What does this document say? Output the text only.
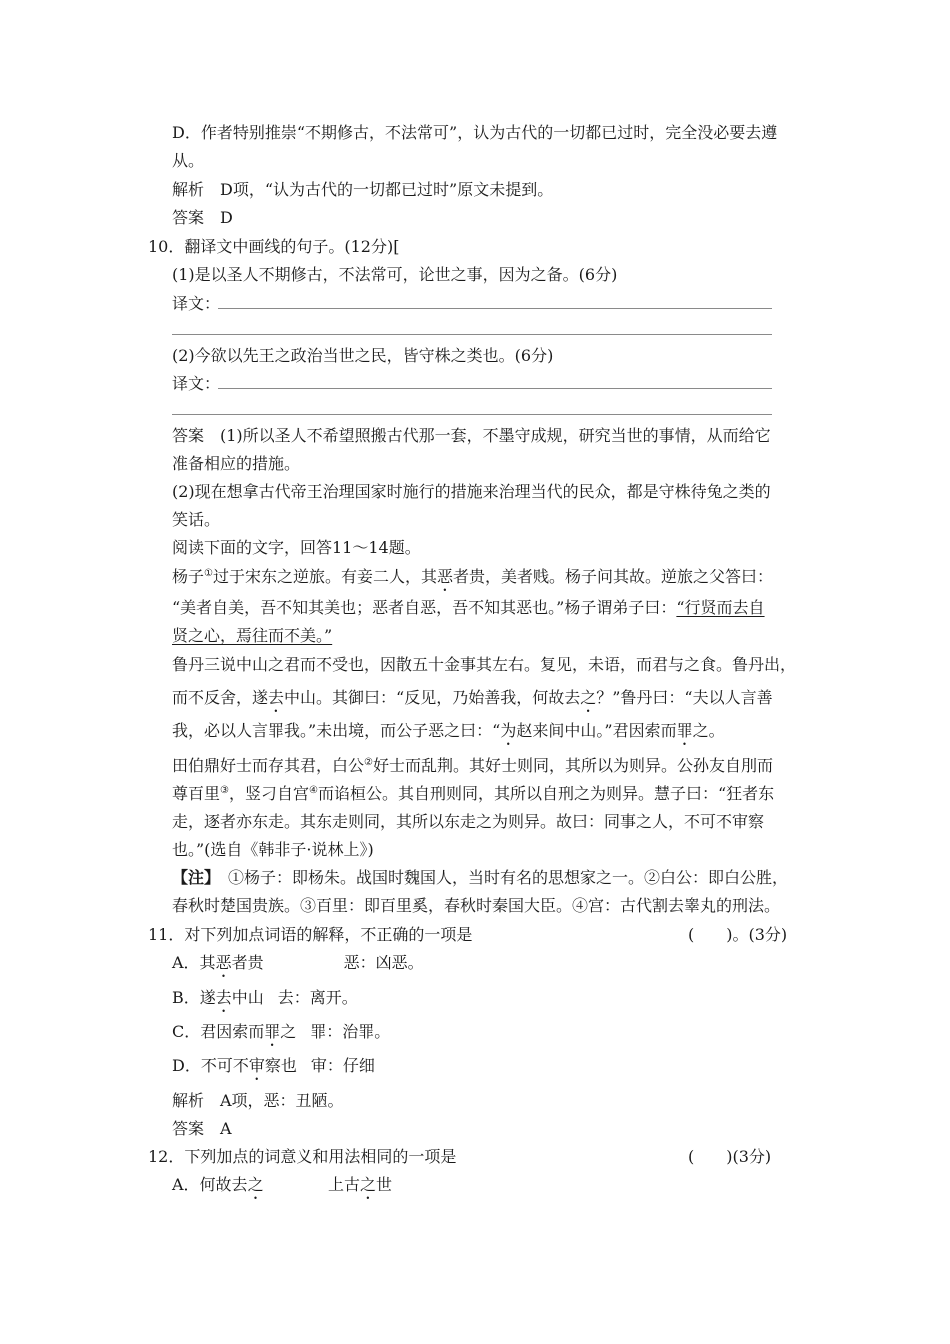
D．作者特别推崇“不期修古，不法常可”，认为古代的一切都已过时，完全没必要去遵
从。
解析　D项，“认为古代的一切都已过时”原文未提到。
答案　D
10．翻译文中画线的句子。(12分)[
(1)是以圣人不期修古，不法常可，论世之事，因为之备。(6分)
译文：
(2)今欲以先王之政治当世之民，皆守株之类也。(6分)
译文：
答案　(1)所以圣人不希望照搬古代那一套，不墨守成规，研究当世的事情，从而给它
准备相应的措施。
(2)现在想拿古代帝王治理国家时施行的措施来治理当代的民众，都是守株待兔之类的
笑话。
阅读下面的文字，回答11～14题。
杨子①过于宋东之逆旅。有妾二人，其恶者贵，美者贱。杨子问其故。逆旅之父答曰：
“美者自美，吾不知其美也；恶者自恶，吾不知其恶也。”杨子谓弟子曰：“行贤而去自
贤之心，焉往而不美。”
鲁丹三说中山之君而不受也，因散五十金事其左右。复见，未语，而君与之食。鲁丹出，
而不反舍，遂去中山。其御曰：“反见，乃始善我，何故去之？”鲁丹曰：“夫以人言善
我，必以人言罪我。”未出境，而公子恶之曰：“为赵来间中山。”君因索而罪之。
田伯鼎好士而存其君，白公②好士而乱荆。其好士则同，其所以为则异。公孙友自刖而
尊百里③，竖刁自宫④而谄桓公。其自刑则同，其所以自刑之为则异。慧子曰：“狂者东
走，逐者亦东走。其东走则同，其所以东走之为则异。故曰：同事之人，不可不审察
也。”(选自《韩非子·说林上》)
【注】 ①杨子：即杨朱。战国时魏国人，当时有名的思想家之一。②白公：即白公胜，
春秋时楚国贵族。③百里：即百里奚，春秋时秦国大臣。④宫：古代割去睾丸的刑法。
11．对下列加点词语的解释，不正确的一项是	(　　)。(3分)
A．其恶者贵	恶：凶恶。
B．遂去中山 去：离开。
C．君因索而罪之 罪：治罪。
D．不可不审察也 审：仔细
解析　A项，恶：丑陋。
答案　A
12．下列加点的词意义和用法相同的一项是	(　　)(3分)
A．何故去之	上古之世
